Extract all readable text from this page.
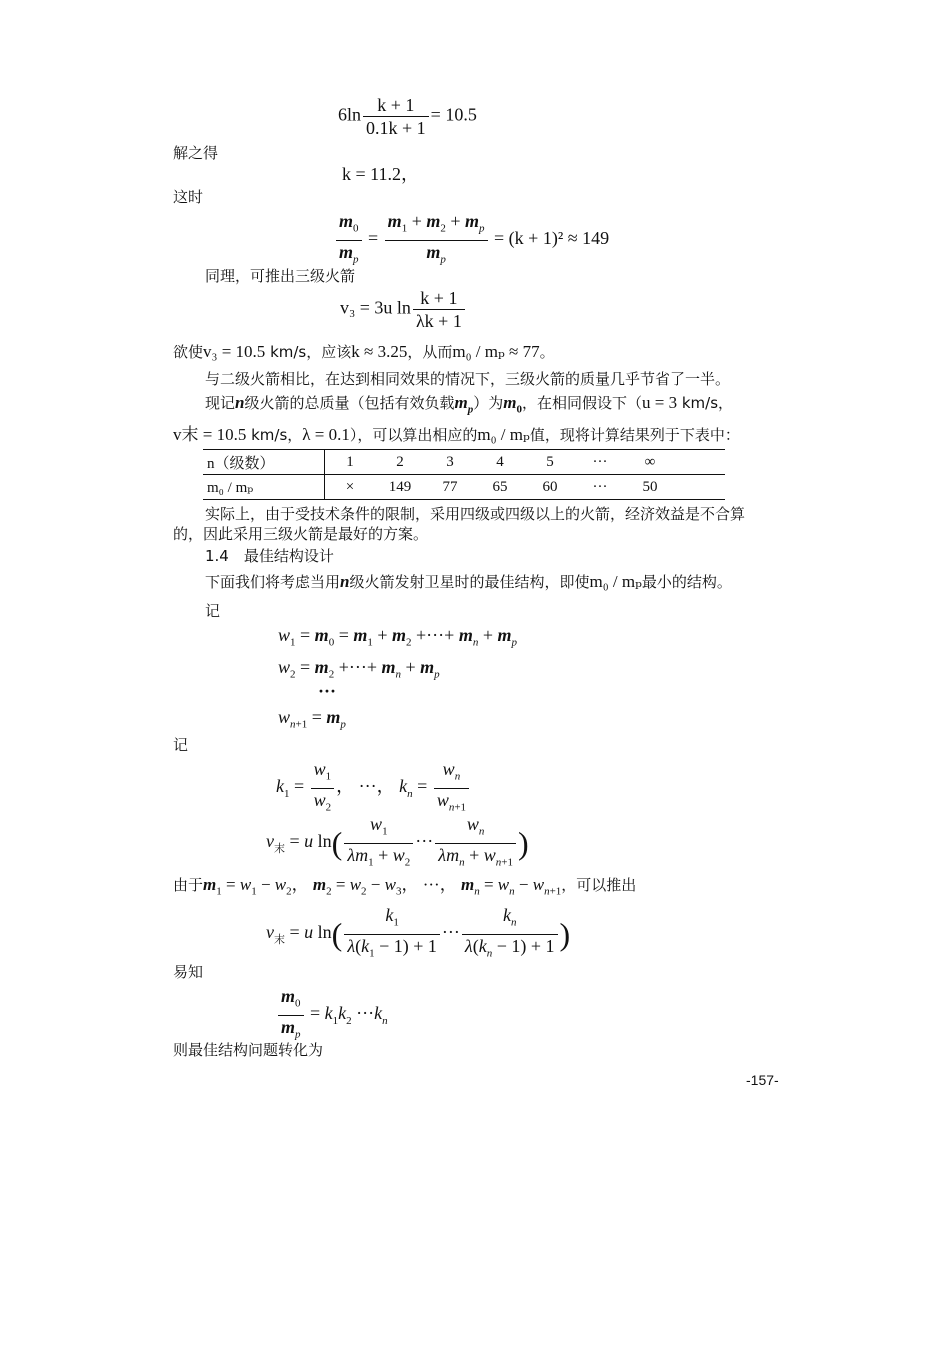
$6\ln \frac{k + 1}{0.1k + 1} = 10.5$
解之得
k = 11.2，
这时
$\frac{m_0}{m_p} = \frac{m_1 + m_2 + m_p}{m_p} = (k + 1)^2 \approx 149$
同理，可推出三级火箭
v₃ = 3u $\ln \frac{k + 1}{\lambda k + 1}$
欲使v₃ = 10.5 km/s，应该k ≈ 3.25，从而m₀ / mₚ ≈ 77。
与二级火箭相比，在达到相同效果的情况下，三级火箭的质量几乎节省了一半。
现记n级火箭的总质量（包括有效负载$m_p$）为$m_0$，在相同假设下（u = 3 km/s，
v末 = 10.5 km/s，λ = 0.1），可以算出相应的m₀ / mₚ值，现将计算结果列于下表中：
n（级数）	1	2	3	4	5	···	∞	
m₀ / mₚ	×	149	77	65	60	···	50	
实际上，由于受技术条件的限制，采用四级或四级以上的火箭，经济效益是不合算
的，因此采用三级火箭是最好的方案。
1.4　最佳结构设计
下面我们将考虑当用n级火箭发射卫星时的最佳结构，即使m₀ / mₚ最小的结构。
记
$w_1 = m_0 = m_1 + m_2$ +···+ $m_n + m_p$
$w_2 = m_2$ +···+ $m_n + m_p$
···
$w_{n+1} = m_p$
记
$k_1 = \frac{w_1}{w_2}$ ， ···， $k_n = \frac{w_n}{w_{n+1}}$
$v_末 = u$ $\ln( \frac{w_1}{\lambda m_1 + w_2}$ ··· $\frac{w_n}{\lambda m_n + w_{n+1}}$ )
由于$m_1 = w_1 - w_2$， $m_2 = w_2 - w_3$， ···， $m_n = w_n - w_{n+1}$，可以推出
$v_末 = u$ $\ln( \frac{k_1}{\lambda(k_1 - 1) + 1}$ ··· $\frac{k_n}{\lambda(k_n - 1) + 1}$ )
易知
$\frac{m_0}{m_p} = k_1k_2 \cdot\cdot\cdot k_n$
则最佳结构问题转化为
-157-
